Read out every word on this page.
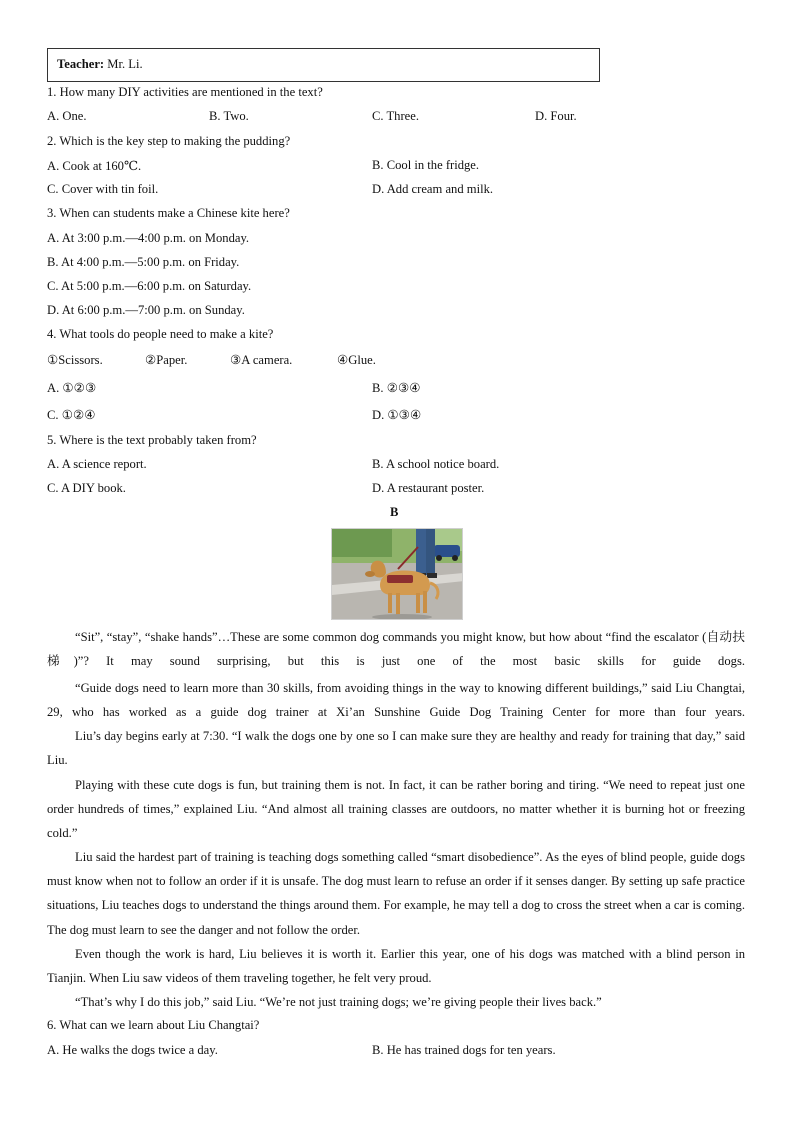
Teacher: Mr. Li.
1. How many DIY activities are mentioned in the text?
A. One.	B. Two.	C. Three.	D. Four.
2. Which is the key step to making the pudding?
A. Cook at 160℃.	B. Cool in the fridge.
C. Cover with tin foil.	D. Add cream and milk.
3. When can students make a Chinese kite here?
A. At 3:00 p.m.—4:00 p.m. on Monday.
B. At 4:00 p.m.—5:00 p.m. on Friday.
C. At 5:00 p.m.—6:00 p.m. on Saturday.
D. At 6:00 p.m.—7:00 p.m. on Sunday.
4. What tools do people need to make a kite?
①Scissors.	②Paper.	③A camera.	④Glue.
A. ①②③	B. ②③④
C. ①②④	D. ①③④
5. Where is the text probably taken from?
A. A science report.	B. A school notice board.
C. A DIY book.	D. A restaurant poster.
B
“Sit”, “stay”, “shake hands”…These are some common dog commands you might know, but how about “find the escalator (自动扶梯)”? It may sound surprising, but this is just one of the most basic skills for guide dogs.
“Guide dogs need to learn more than 30 skills, from avoiding things in the way to knowing different buildings,” said Liu Changtai, 29, who has worked as a guide dog trainer at Xi’an Sunshine Guide Dog Training Center for more than four years.
Liu’s day begins early at 7:30. “I walk the dogs one by one so I can make sure they are healthy and ready for training that day,” said Liu.
Playing with these cute dogs is fun, but training them is not. In fact, it can be rather boring and tiring. “We need to repeat just one order hundreds of times,” explained Liu. “And almost all training classes are outdoors, no matter whether it is burning hot or freezing cold.”
Liu said the hardest part of training is teaching dogs something called “smart disobedience”. As the eyes of blind people, guide dogs must know when not to follow an order if it is unsafe. The dog must learn to refuse an order if it senses danger. By setting up safe practice situations, Liu teaches dogs to understand the things around them. For example, he may tell a dog to cross the street when a car is coming. The dog must learn to see the danger and not follow the order.
Even though the work is hard, Liu believes it is worth it. Earlier this year, one of his dogs was matched with a blind person in Tianjin. When Liu saw videos of them traveling together, he felt very proud.
“That’s why I do this job,” said Liu. “We’re not just training dogs; we’re giving people their lives back.”
6. What can we learn about Liu Changtai?
A. He walks the dogs twice a day.	B. He has trained dogs for ten years.
